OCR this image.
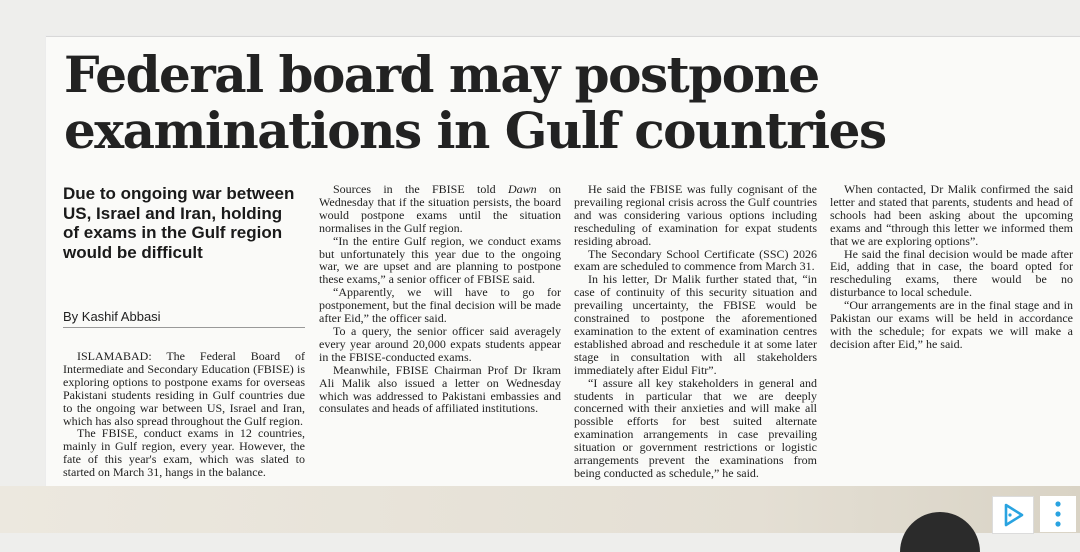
Federal board may postpone
examinations in Gulf countries
Due to ongoing war between US, Israel and Iran, holding of exams in the Gulf region would be difficult
By Kashif Abbasi

ISLAMABAD: The Federal Board of Intermediate and Secondary Education (FBISE) is exploring options to postpone exams for overseas Pakistani students residing in Gulf countries due to the ongoing war between US, Israel and Iran, which has also spread throughout the Gulf region.

The FBISE, conduct exams in 12 countries, mainly in Gulf region, every year. However, the fate of this year's exam, which was slated to started on March 31, hangs in the balance.

Sources in the FBISE told Dawn on Wednesday that if the situation persists, the board would postpone exams until the situation normalises in the Gulf region.

“In the entire Gulf region, we conduct exams but unfortunately this year due to the ongoing war, we are upset and are planning to postpone these exams,” a senior officer of FBISE said.

“Apparently, we will have to go for postponement, but the final decision will be made after Eid,” the officer said.

To a query, the senior officer said averagely every year around 20,000 expats students appear in the FBISE-conducted exams.

Meanwhile, FBISE Chairman Prof Dr Ikram Ali Malik also issued a letter on Wednesday which was addressed to Pakistani embassies and consulates and heads of affiliated institutions.

He said the FBISE was fully cognisant of the prevailing regional crisis across the Gulf countries and was considering various options including rescheduling of examination for expat students residing abroad.

The Secondary School Certificate (SSC) 2026 exam are scheduled to commence from March 31.

In his letter, Dr Malik further stated that, “in case of continuity of this security situation and prevailing uncertainty, the FBISE would be constrained to postpone the aforementioned examination to the extent of examination centres established abroad and reschedule it at some later stage in consultation with all stakeholders immediately after Eidul Fitr”.

“I assure all key stakeholders in general and students in particular that we are deeply concerned with their anxieties and will make all possible efforts for best suited alternate examination arrangements in case prevailing situation or government restrictions or logistic arrangements prevent the examinations from being conducted as schedule,” he said.

When contacted, Dr Malik confirmed the said letter and stated that parents, students and head of schools had been asking about the upcoming exams and “through this letter we informed them that we are exploring options”.

He said the final decision would be made after Eid, adding that in case, the board opted for rescheduling exams, there would be no disturbance to local schedule.

“Our arrangements are in the final stage and in Pakistan our exams will be held in accordance with the schedule; for expats we will make a decision after Eid,” he said.
